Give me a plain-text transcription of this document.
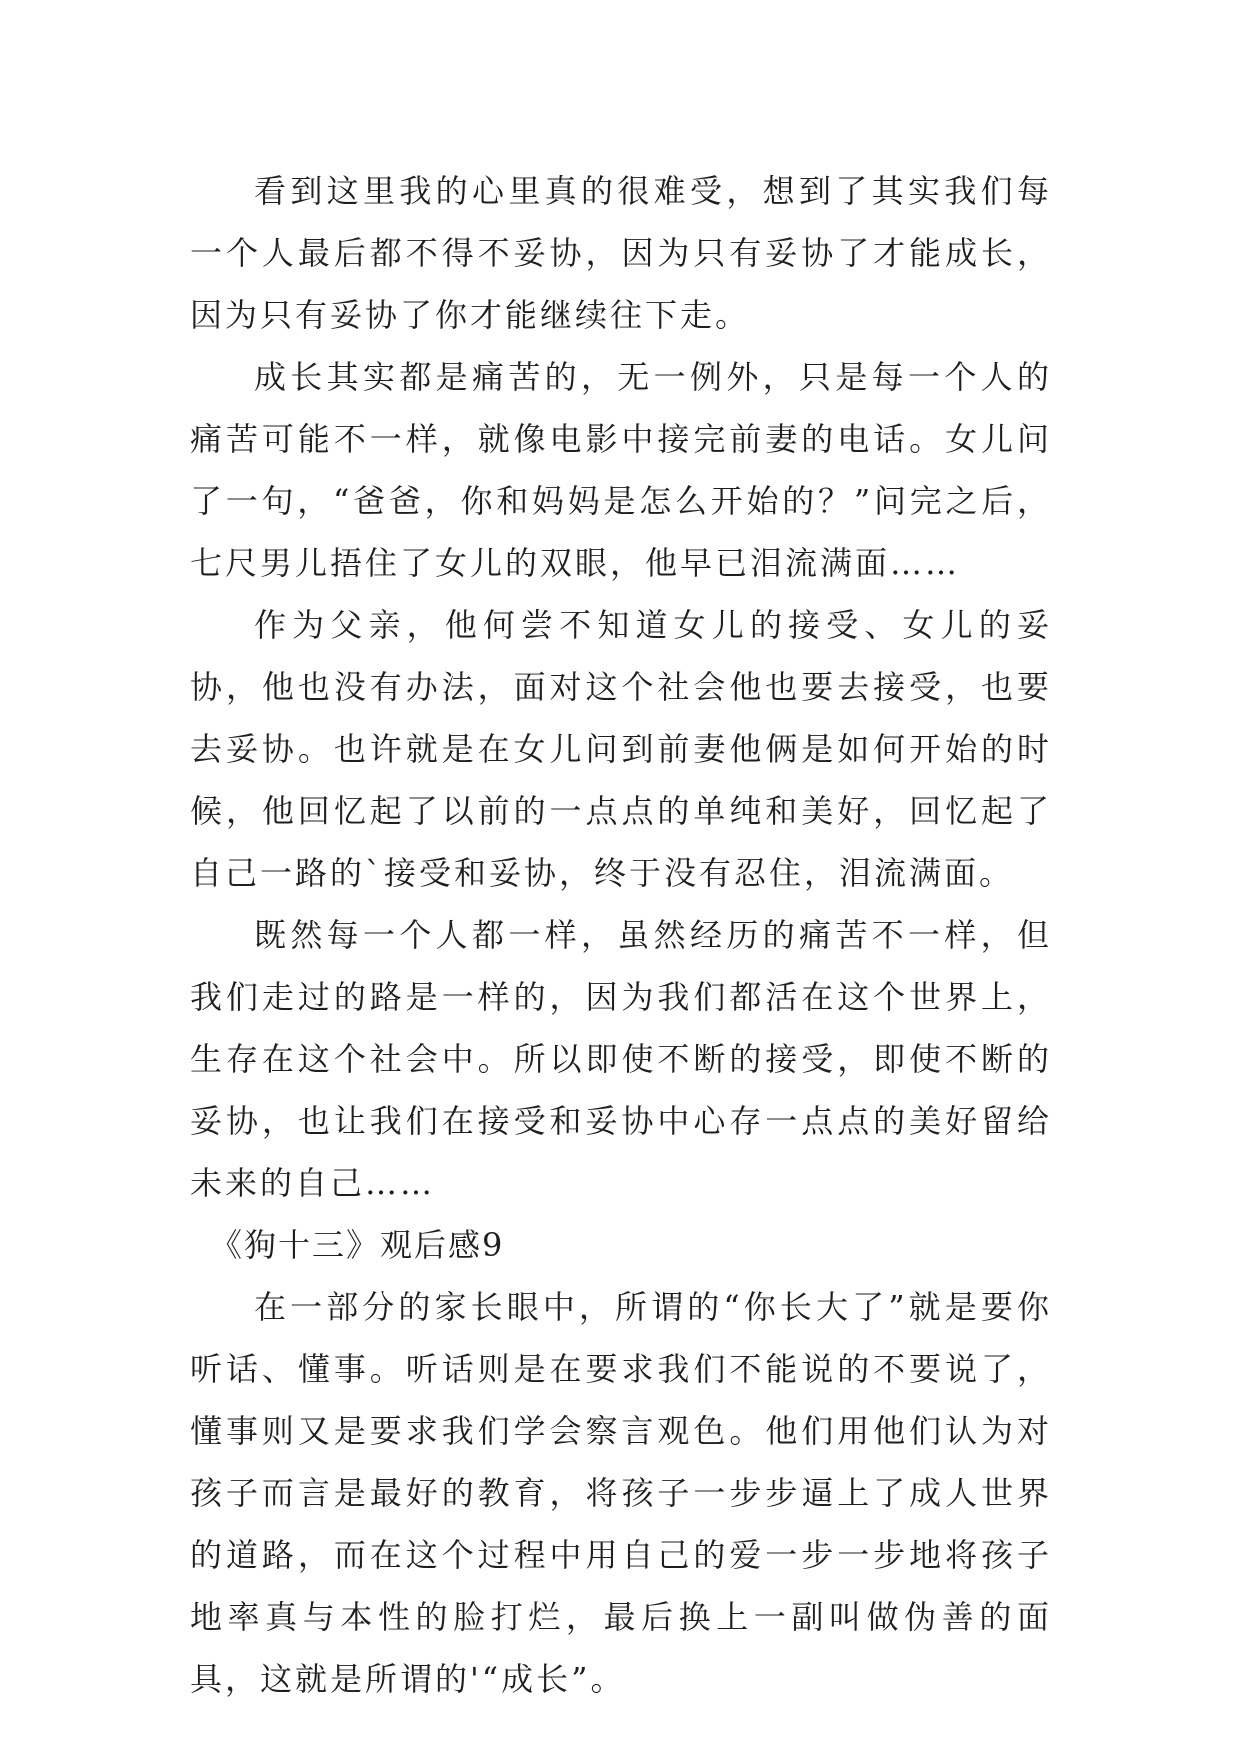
看到这里我的心里真的很难受，想到了其实我们每一个人最后都不得不妥协，因为只有妥协了才能成长，因为只有妥协了你才能继续往下走。

成长其实都是痛苦的，无一例外，只是每一个人的痛苦可能不一样，就像电影中接完前妻的电话。女儿问了一句，“爸爸，你和妈妈是怎么开始的？”问完之后，七尺男儿捂住了女儿的双眼，他早已泪流满面……

作为父亲，他何尝不知道女儿的接受、女儿的妥协，他也没有办法，面对这个社会他也要去接受，也要去妥协。也许就是在女儿问到前妻他俩是如何开始的时候，他回忆起了以前的一点点的单纯和美好，回忆起了自己一路的`接受和妥协，终于没有忍住，泪流满面。

既然每一个人都一样，虽然经历的痛苦不一样，但我们走过的路是一样的，因为我们都活在这个世界上，生存在这个社会中。所以即使不断的接受，即使不断的妥协，也让我们在接受和妥协中心存一点点的美好留给未来的自己……

《狗十三》观后感9

在一部分的家长眼中，所谓的“你长大了”就是要你听话、懂事。听话则是在要求我们不能说的不要说了，懂事则又是要求我们学会察言观色。他们用他们认为对孩子而言是最好的教育，将孩子一步步逼上了成人世界的道路，而在这个过程中用自己的爱一步一步地将孩子地率真与本性的脸打烂，最后换上一副叫做伪善的面具，这就是所谓的'“成长”。
